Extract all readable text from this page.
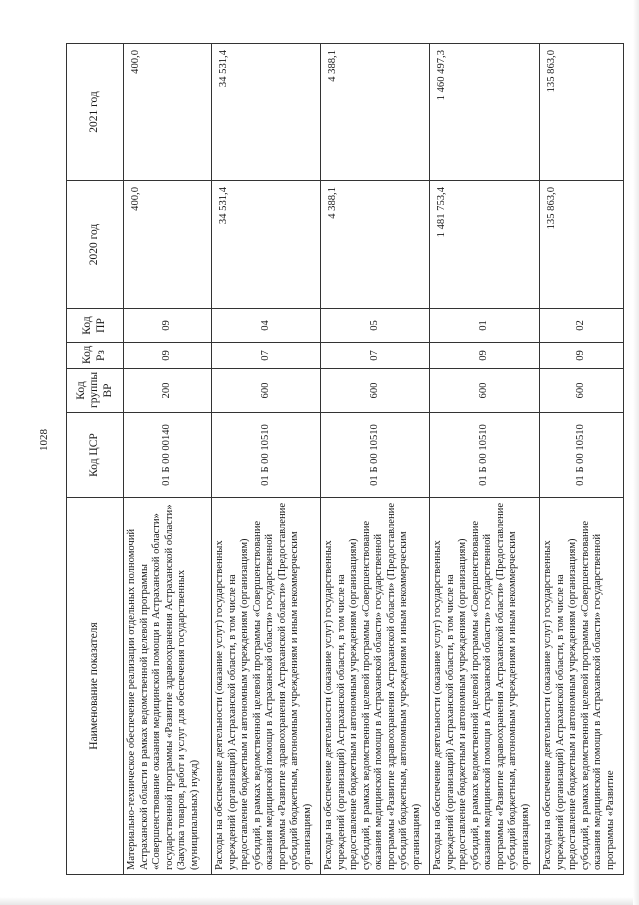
1028
Наименование показателя	Код ЦСР	Код группы ВР	Код Рз	Код ПР	2020 год	2021 год
Материально-техническое обеспечение реализации отдельных полномочий Астраханской области в рамках ведомственной целевой программы «Совершенствование оказания медицинской помощи в Астраханской области» государственной программы «Развитие здравоохранения Астраханской области» (Закупка товаров, работ и услуг для обеспечения государственных (муниципальных) нужд)	01 Б 00 00140	200	09	09	400,0	400,0
Расходы на обеспечение деятельности (оказание услуг) государственных учреждений (организаций) Астраханской области, в том числе на предоставление бюджетным и автономным учреждениям (организациям) субсидий, в рамках ведомственной целевой программы «Совершенствование оказания медицинской помощи в Астраханской области» государственной программы «Развитие здравоохранения Астраханской области» (Предоставление субсидий бюджетным, автономным учреждениям и иным некоммерческим организациям)	01 Б 00 10510	600	07	04	34 531,4	34 531,4
Расходы на обеспечение деятельности (оказание услуг) государственных учреждений (организаций) Астраханской области, в том числе на предоставление бюджетным и автономным учреждениям (организациям) субсидий, в рамках ведомственной целевой программы «Совершенствование оказания медицинской помощи в Астраханской области» государственной программы «Развитие здравоохранения Астраханской области» (Предоставление субсидий бюджетным, автономным учреждениям и иным некоммерческим организациям)	01 Б 00 10510	600	07	05	4 388,1	4 388,1
Расходы на обеспечение деятельности (оказание услуг) государственных учреждений (организаций) Астраханской области, в том числе на предоставление бюджетным и автономным учреждениям (организациям) субсидий, в рамках ведомственной целевой программы «Совершенствование оказания медицинской помощи в Астраханской области» государственной программы «Развитие здравоохранения Астраханской области» (Предоставление субсидий бюджетным, автономным учреждениям и иным некоммерческим организациям)	01 Б 00 10510	600	09	01	1 481 753,4	1 460 497,3
Расходы на обеспечение деятельности (оказание услуг) государственных учреждений (организаций) Астраханской области, в том числе на предоставление бюджетным и автономным учреждениям (организациям) субсидий, в рамках ведомственной целевой программы «Совершенствование оказания медицинской помощи в Астраханской области» государственной программы «Развитие	01 Б 00 10510	600	09	02	135 863,0	135 863,0
